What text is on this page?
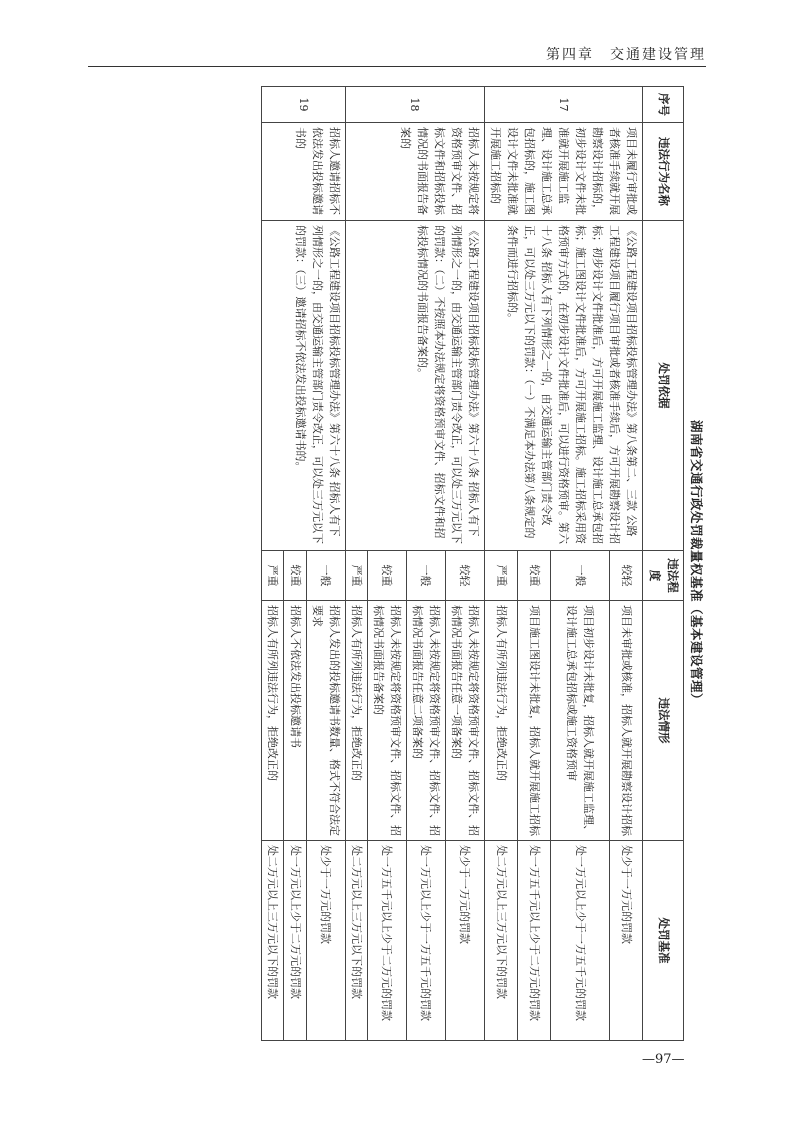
第四章　交通建设管理
湖南省交通行政处罚裁量权基准（基本建设管理）
序号	违法行为名称	处罚依据	违法程度	违法情形	处罚基准
17	项目未履行审批或者核准手续就开展勘察设计招标的，初步设计文件未批准就开展施工监理、设计施工总承包招标的，施工图设计文件未批准就开展施工招标的	《公路工程建设项目招标投标管理办法》第八条第二、三款 公路工程建设项目履行项目审批或者核准手续后，方可开展勘察设计招标；初步设计文件批准后，方可开展施工监理、设计施工总承包招标；施工图设计文件批准后，方可开展施工招标。施工招标采用资格预审方式的，在初步设计文件批准后，可以进行资格预审。第六十八条 招标人有下列情形之一的，由交通运输主管部门责令改正，可以处三万元以下的罚款：（一）不满足本办法第八条规定的条件而进行招标的。	较轻	项目未审批或核准，招标人就开展勘察设计招标	处少于一万元的罚款
			一般	项目初步设计未批复，招标人就开展施工监理、设计施工总承包招标或施工资格预审	处一万元以上少于一万五千元的罚款
			较重	项目施工图设计未批复，招标人就开展施工招标	处一万五千元以上少于二万元的罚款
			严重	招标人有所列违法行为，拒绝改正的	处二万元以上三万元以下的罚款
18	招标人未按规定将资格预审文件、招标文件和招标投标情况的书面报告备案的	《公路工程建设项目招标投标管理办法》第六十八条 招标人有下列情形之一的，由交通运输主管部门责令改正，可以处三万元以下的罚款：（二）不按照本办法规定将资格预审文件、招标文件和招标投标情况的书面报告备案的。	较轻	招标人未按规定将资格预审文件、招标文件、招标情况书面报告任意一项备案的	处少于一万元的罚款
			一般	招标人未按规定将资格预审文件、招标文件、招标情况书面报告任意二项备案的	处一万元以上少于一万五千元的罚款
			较重	招标人未按规定将资格预审文件、招标文件、招标情况书面报告备案的	处一万五千元以上少于二万元的罚款
			严重	招标人有所列违法行为，拒绝改正的	处二万元以上三万元以下的罚款
19	招标人邀请招标不依法发出投标邀请书的	《公路工程建设项目招标投标管理办法》第六十八条 招标人有下列情形之一的，由交通运输主管部门责令改正，可以处三万元以下的罚款：（三）邀请招标不依法发出投标邀请书的。	一般	招标人发出的投标邀请书数量、格式不符合法定要求	处少于一万元的罚款
			较重	招标人不依法发出投标邀请书	处一万元以上少于二万元的罚款
			严重	招标人有所列违法行为，拒绝改正的	处二万元以上三万元以下的罚款
—97—
